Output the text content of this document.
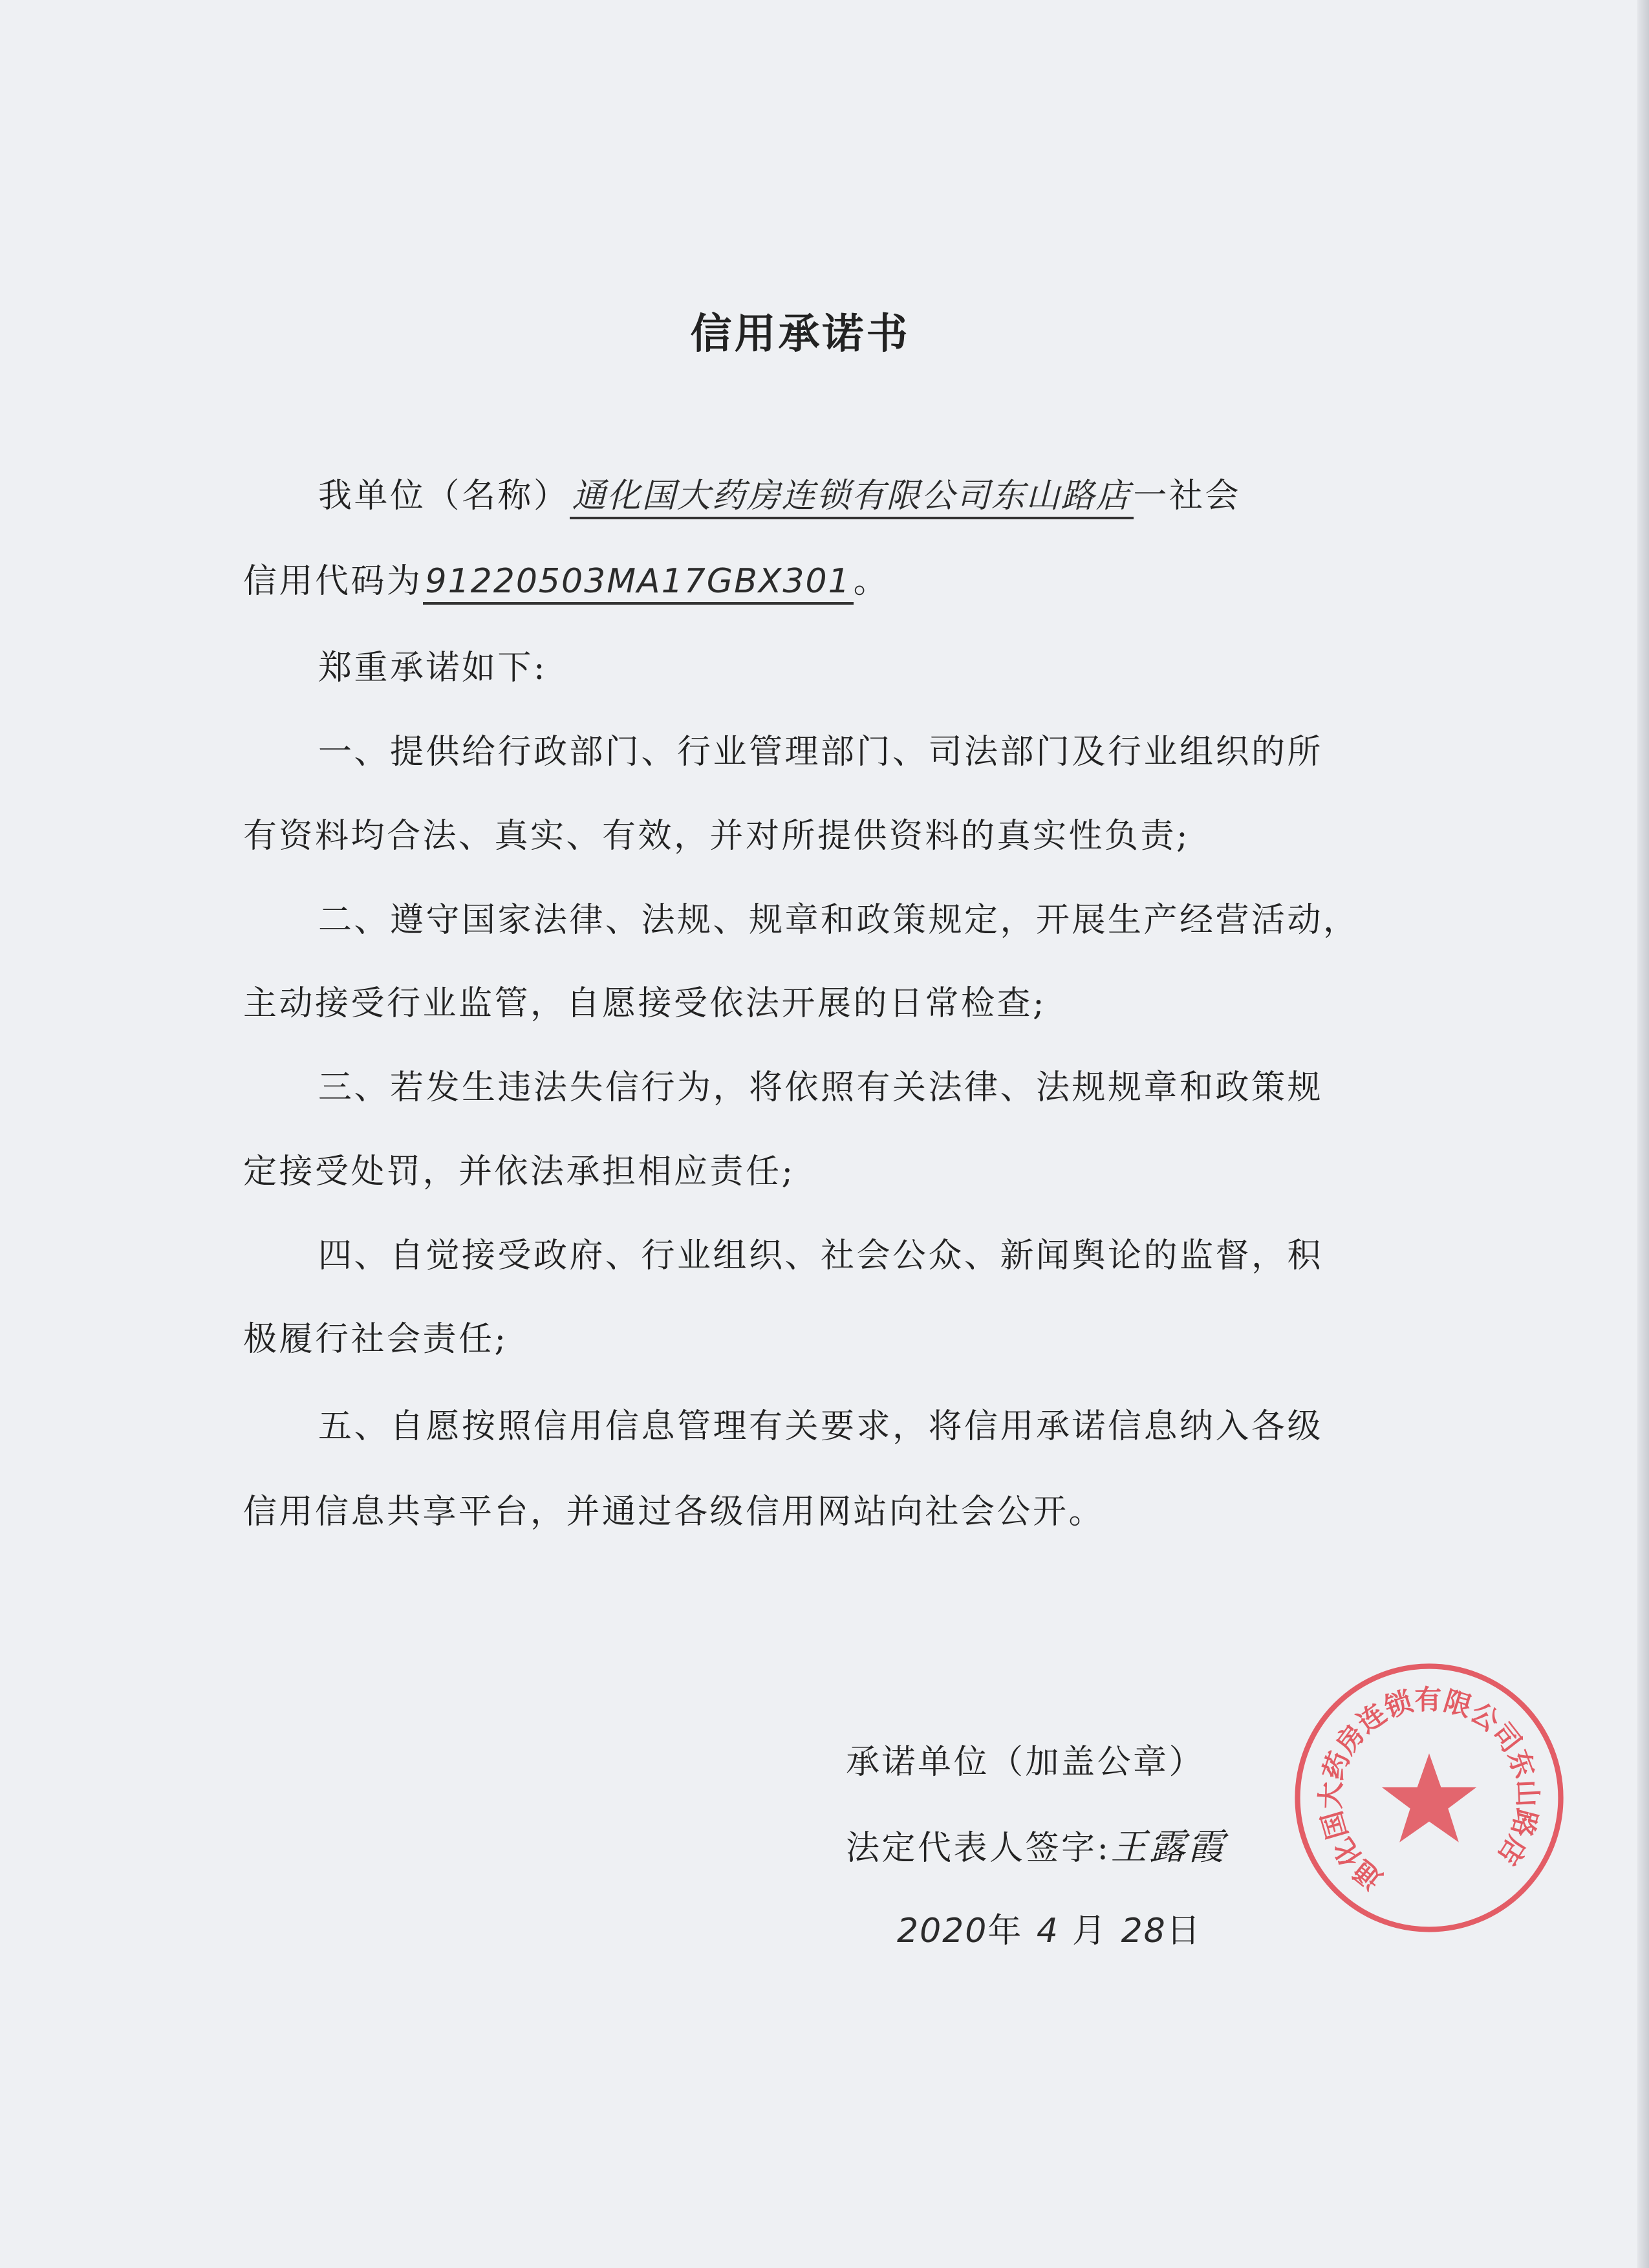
信用承诺书
我单位（名称）通化国大药房连锁有限公司东山路店一社会
信用代码为91220503MA17GBX301。
郑重承诺如下:
一、提供给行政部门、行业管理部门、司法部门及行业组织的所
有资料均合法、真实、有效，并对所提供资料的真实性负责;
二、遵守国家法律、法规、规章和政策规定，开展生产经营活动，
主动接受行业监管，自愿接受依法开展的日常检查;
三、若发生违法失信行为，将依照有关法律、法规规章和政策规
定接受处罚，并依法承担相应责任;
四、自觉接受政府、行业组织、社会公众、新闻舆论的监督，积
极履行社会责任;
五、自愿按照信用信息管理有关要求，将信用承诺信息纳入各级
信用信息共享平台，并通过各级信用网站向社会公开。
通化国大药房连锁有限公司东山路店
承诺单位（加盖公章）
法定代表人签字:王露霞
2020年 4 月 28日
